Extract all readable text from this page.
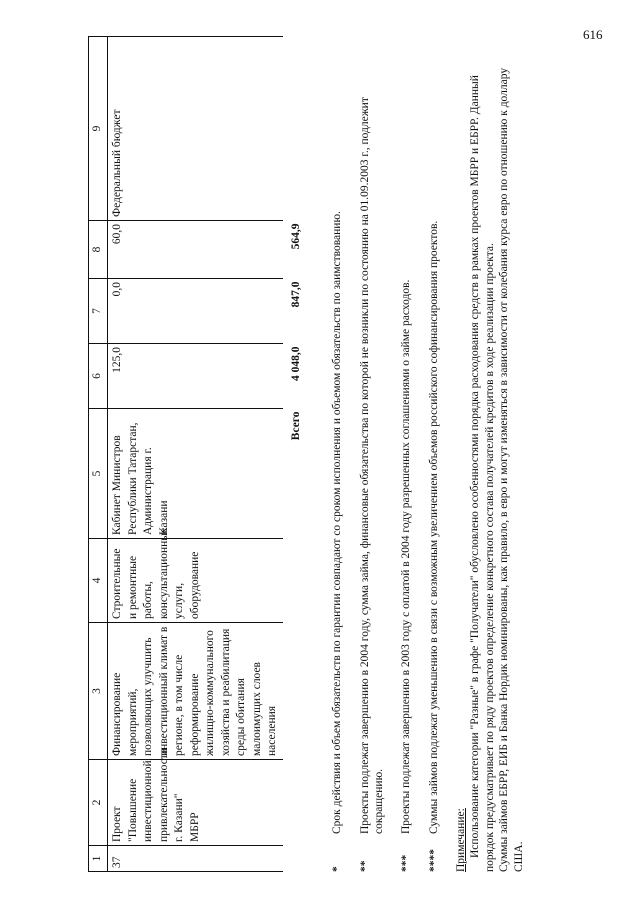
616
1	2	3	4	5	6	7	8	9
37	Проект "Повышение инвестиционной привлекательности г. Казани" МБРР	Финансирование мероприятий, позволяющих улучшить инвестиционный климат в регионе, в том числе реформирование жилищно-коммунального хозяйства и реабилитация среды обитания малоимущих слоев населения	Строительные и ремонтные работы, консультационные услуги, оборудование	Кабинет Министров Республики Татарстан, Администрация г. Казани	125,0	0,0	60,0	Федеральный бюджет
Всего					4 048,0	847,0	564,9	
*
Срок действия и объем обязательств по гарантии совпадают со сроком исполнения и объемом обязательств по заимствованию.
**
Проекты подлежат завершению в 2004 году, сумма займа, финансовые обязательства по которой не возникли по состоянию на 01.09.2003 г., подлежит сокращению.
***
Проекты подлежат завершению в 2003 году с оплатой в 2004 году разрешенных соглашениями о займе расходов.
****
Суммы займов подлежат уменьшению в связи с возможным увеличением объемов российского софинансирования проектов.
Примечание: Использование категории "Разные" в графе "Получатели" обусловлено особенностями порядка расходования средств в рамках проектов МБРР и ЕБРР. Данный порядок предусматривает по ряду проектов определение конкретного состава получателей кредитов в ходе реализации проекта. Суммы займов ЕБРР, ЕИБ и Банка Нордик номинированы, как правило, в евро и могут изменяться в зависимости от колебания курса евро по отношению к доллару США.
